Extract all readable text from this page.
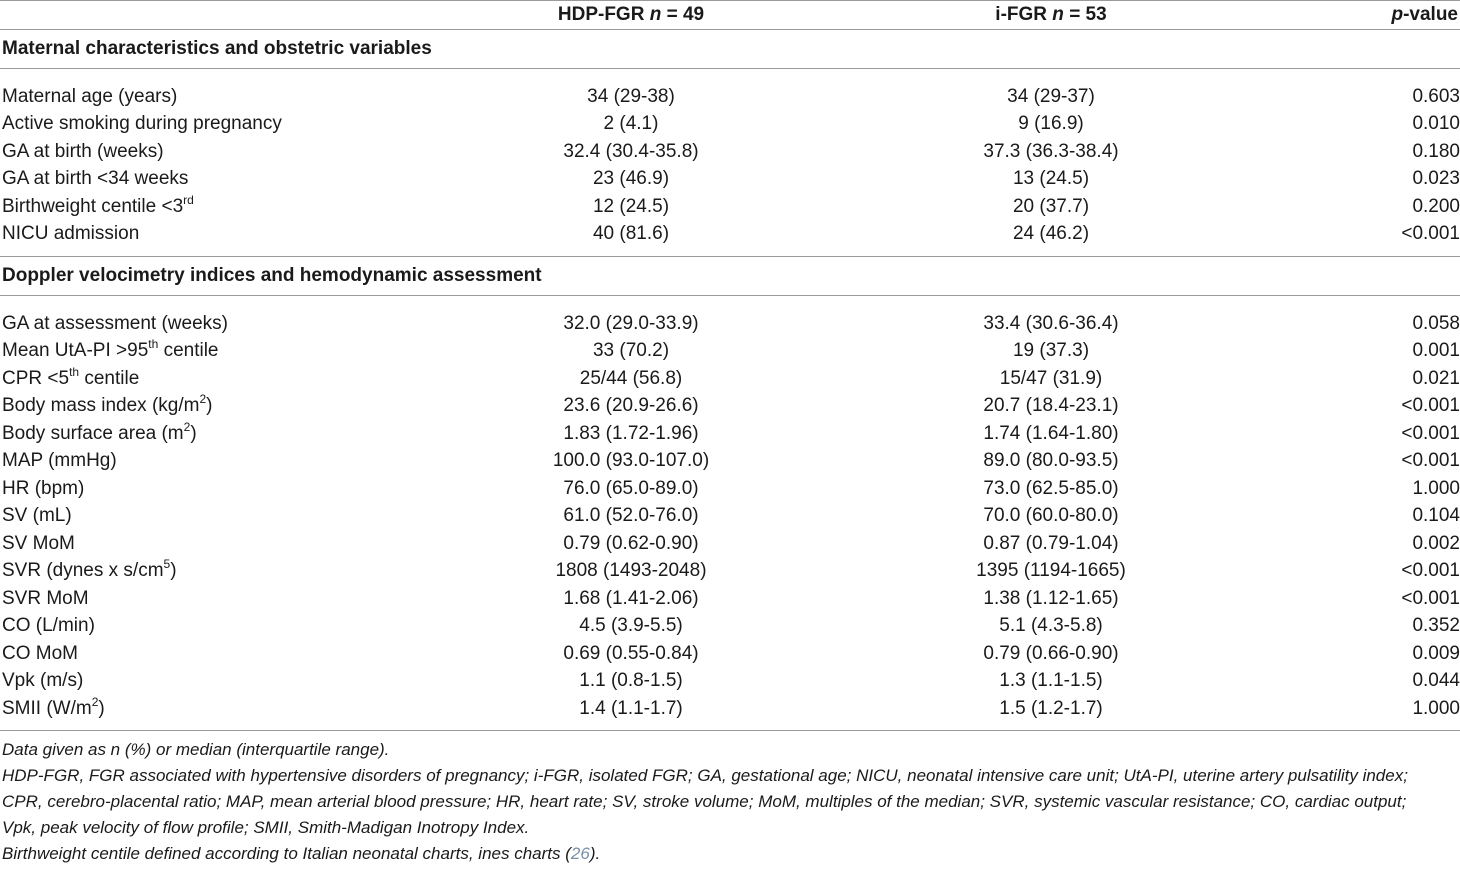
	HDP-FGR n = 49	i-FGR n = 53	p-value
Maternal characteristics and obstetric variables			

Maternal age (years)	34 (29-38)	34 (29-37)	0.603
Active smoking during pregnancy	2 (4.1)	9 (16.9)	0.010
GA at birth (weeks)	32.4 (30.4-35.8)	37.3 (36.3-38.4)	0.180
GA at birth <34 weeks	23 (46.9)	13 (24.5)	0.023
Birthweight centile <3rd	12 (24.5)	20 (37.7)	0.200
NICU admission	40 (81.6)	24 (46.2)	<0.001
Doppler velocimetry indices and hemodynamic assessment			

GA at assessment (weeks)	32.0 (29.0-33.9)	33.4 (30.6-36.4)	0.058
Mean UtA-PI >95th centile	33 (70.2)	19 (37.3)	0.001
CPR <5th centile	25/44 (56.8)	15/47 (31.9)	0.021
Body mass index $(kg/m^2)$	23.6 (20.9-26.6)	20.7 (18.4-23.1)	<0.001
Body surface area $(m^2)$	1.83 (1.72-1.96)	1.74 (1.64-1.80)	<0.001
MAP (mmHg)	100.0 (93.0-107.0)	89.0 (80.0-93.5)	<0.001
HR (bpm)	76.0 (65.0-89.0)	73.0 (62.5-85.0)	1.000
SV (mL)	61.0 (52.0-76.0)	70.0 (60.0-80.0)	0.104
SV MoM	0.79 (0.62-0.90)	0.87 (0.79-1.04)	0.002
SVR (dynes x $s/cm^5$)	1808 (1493-2048)	1395 (1194-1665)	<0.001
SVR MoM	1.68 (1.41-2.06)	1.38 (1.12-1.65)	<0.001
CO (L/min)	4.5 (3.9-5.5)	5.1 (4.3-5.8)	0.352
CO MoM	0.69 (0.55-0.84)	0.79 (0.66-0.90)	0.009
Vpk (m/s)	1.1 (0.8-1.5)	1.3 (1.1-1.5)	0.044
SMII $(W/m^2)$	1.4 (1.1-1.7)	1.5 (1.2-1.7)	1.000

Data given as n (%) or median (interquartile range).

HDP-FGR, FGR associated with hypertensive disorders of pregnancy; i-FGR, isolated FGR; GA, gestational age; NICU, neonatal intensive care unit; UtA-PI, uterine artery pulsatility index;

CPR, cerebro-placental ratio; MAP, mean arterial blood pressure; HR, heart rate; SV, stroke volume; MoM, multiples of the median; SVR, systemic vascular resistance; CO, cardiac output;

Vpk, peak velocity of flow profile; SMII, Smith-Madigan Inotropy Index.

Birthweight centile defined according to Italian neonatal charts, ines charts (26).
